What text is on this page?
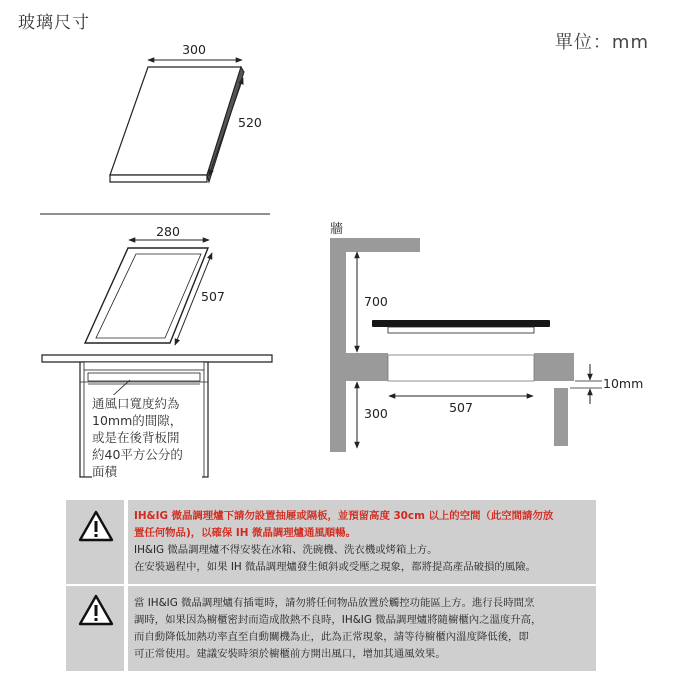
玻璃尺寸
單位：mm
300
520
280
507
牆
700
300	507
10mm
通風口寬度約為
10mm的間隙，
或是在後背板開
約40平方公分的
面積

IH&IG 微晶調理爐下請勿設置抽屜或隔板，並預留高度 30cm 以上的空間（此空間請勿放

置任何物品)，以確保 IH 微晶調理爐通風順暢。

IH&IG 微晶調理爐不得安裝在冰箱、洗碗機、洗衣機或烤箱上方。

在安裝過程中，如果 IH 微晶調理爐發生傾斜或受壓之現象，都將提高產品破損的風險。

當 IH&IG 微晶調理爐有插電時，請勿將任何物品放置於觸控功能區上方。進行長時間烹

調時，如果因為櫥櫃密封而造成散熱不良時，IH&IG 微晶調理爐將隨櫥櫃內之溫度升高，

而自動降低加熱功率直至自動關機為止，此為正常現象，請等待櫥櫃內溫度降低後，即

可正常使用。建議安裝時須於櫥櫃前方開出風口，增加其通風效果。
